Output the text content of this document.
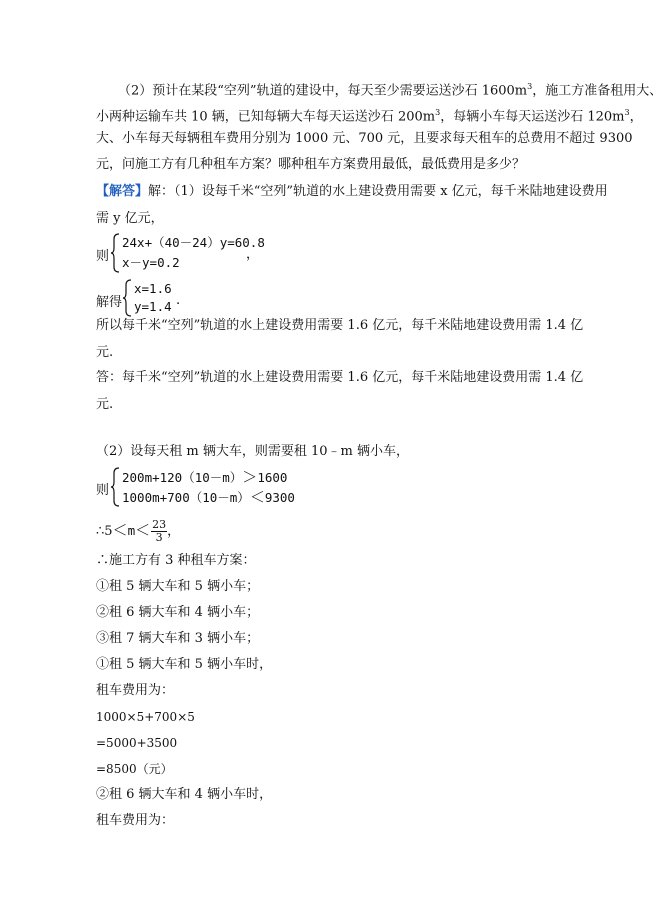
（2）预计在某段“空列”轨道的建设中，每天至少需要运送沙石 $1600m^3$，施工方准备租用大、
小两种运输车共 10 辆，已知每辆大车每天运送沙石 $200m^3$，每辆小车每天运送沙石 $120m^3$，
大、小车每天每辆租车费用分别为 1000 元、700 元，且要求每天租车的总费用不超过 9300
元，问施工方有几种租车方案？哪种租车方案费用最低，最低费用是多少？
【解答】解：（1）设每千米“空列”轨道的水上建设费用需要 x 亿元，每千米陆地建设费用
需 y 亿元，
则
24x+（40－24）y=60.8
x－y=0.2
，
解得
x=1.6
y=1.4 .
所以每千米“空列”轨道的水上建设费用需要 1.6 亿元，每千米陆地建设费用需 1.4 亿
元.
答：每千米“空列”轨道的水上建设费用需要 1.6 亿元，每千米陆地建设费用需 1.4 亿
元.
（2）设每天租 m 辆大车，则需要租 10﹣m 辆小车，
则
200m+120（10－m）＞1600
1000m+700（10－m）＜9300
∴5＜m＜ $\frac{23}{3}$ ，
∴施工方有 3 种租车方案：
①租 5 辆大车和 5 辆小车；
②租 6 辆大车和 4 辆小车；
③租 7 辆大车和 3 辆小车；
①租 5 辆大车和 5 辆小车时，
租车费用为：
1000×5+700×5
=5000+3500
=8500（元）
②租 6 辆大车和 4 辆小车时，
租车费用为：
